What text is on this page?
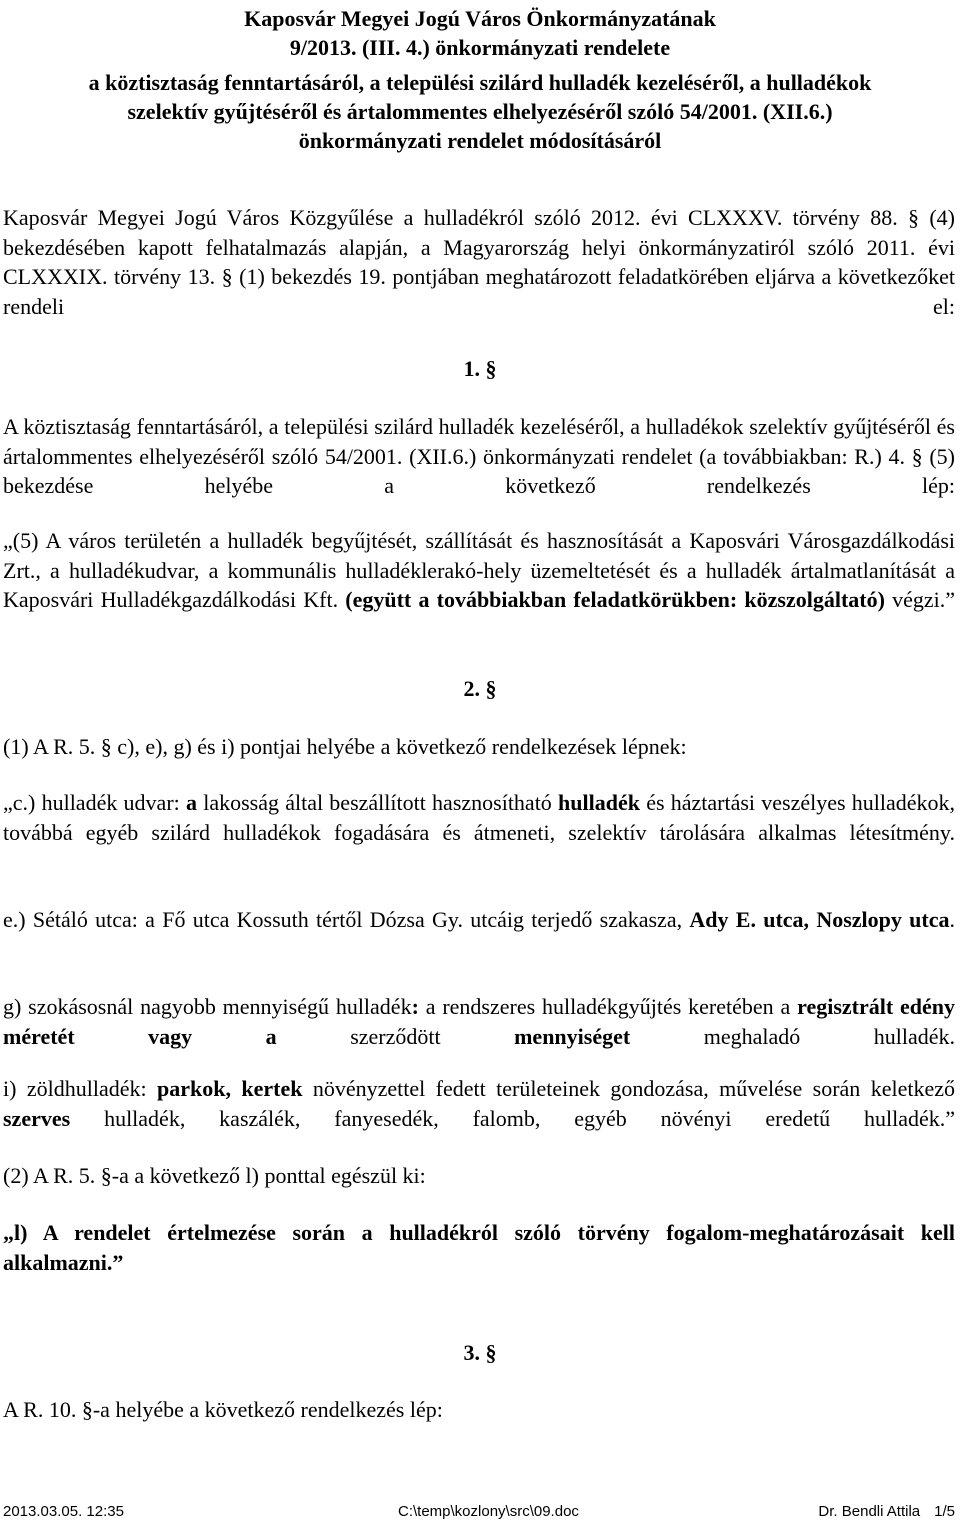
Kaposvár Megyei Jogú Város Önkormányzatának
9/2013. (III. 4.) önkormányzati rendelete
a köztisztaság fenntartásáról, a települési szilárd hulladék kezeléséről, a hulladékok
szelektív gyűjtéséről és ártalommentes elhelyezéséről szóló 54/2001. (XII.6.)
önkormányzati rendelet módosításáról

Kaposvár Megyei Jogú Város Közgyűlése a hulladékról szóló 2012. évi CLXXXV. törvény 88. § (4) bekezdésében kapott felhatalmazás alapján, a Magyarország helyi önkormányzatiról szóló 2011. évi CLXXXIX. törvény 13. § (1) bekezdés 19. pontjában meghatározott feladatkörében eljárva a következőket rendeli el:

1. §

A köztisztaság fenntartásáról, a települési szilárd hulladék kezeléséről, a hulladékok szelektív gyűjtéséről és ártalommentes elhelyezéséről szóló 54/2001. (XII.6.) önkormányzati rendelet (a továbbiakban: R.) 4. § (5) bekezdése helyébe a következő rendelkezés lép:

„(5) A város területén a hulladék begyűjtését, szállítását és hasznosítását a Kaposvári Városgazdálkodási Zrt., a hulladékudvar, a kommunális hulladéklerakó-hely üzemeltetését és a hulladék ártalmatlanítását a Kaposvári Hulladékgazdálkodási Kft. (együtt a továbbiakban feladatkörükben: közszolgáltató) végzi.”

2. §

(1) A R. 5. § c), e), g) és i) pontjai helyébe a következő rendelkezések lépnek:

„c.) hulladék udvar: a lakosság által beszállított hasznosítható hulladék és háztartási veszélyes hulladékok, továbbá egyéb szilárd hulladékok fogadására és átmeneti, szelektív tárolására alkalmas létesítmény.

e.) Sétáló utca: a Fő utca Kossuth tértől Dózsa Gy. utcáig terjedő szakasza, Ady E. utca, Noszlopy utca.

g) szokásosnál nagyobb mennyiségű hulladék: a rendszeres hulladékgyűjtés keretében a regisztrált edény méretét vagy a	szerződött	mennyiséget	meghaladó hulladék.

i) zöldhulladék: parkok, kertek növényzettel fedett területeinek gondozása, művelése során keletkező szerves hulladék, kaszálék, fanyesedék, falomb, egyéb növényi eredetű hulladék.”

(2) A R. 5. §-a a következő l) ponttal egészül ki:

„l) A rendelet értelmezése során a hulladékról szóló törvény fogalom-meghatározásait kell alkalmazni.”

3. §

A R. 10. §-a helyébe a következő rendelkezés lép:

2013.03.05. 12:35	C:\temp\kozlony\src\09.doc	Dr. Bendli Attila 1/5
